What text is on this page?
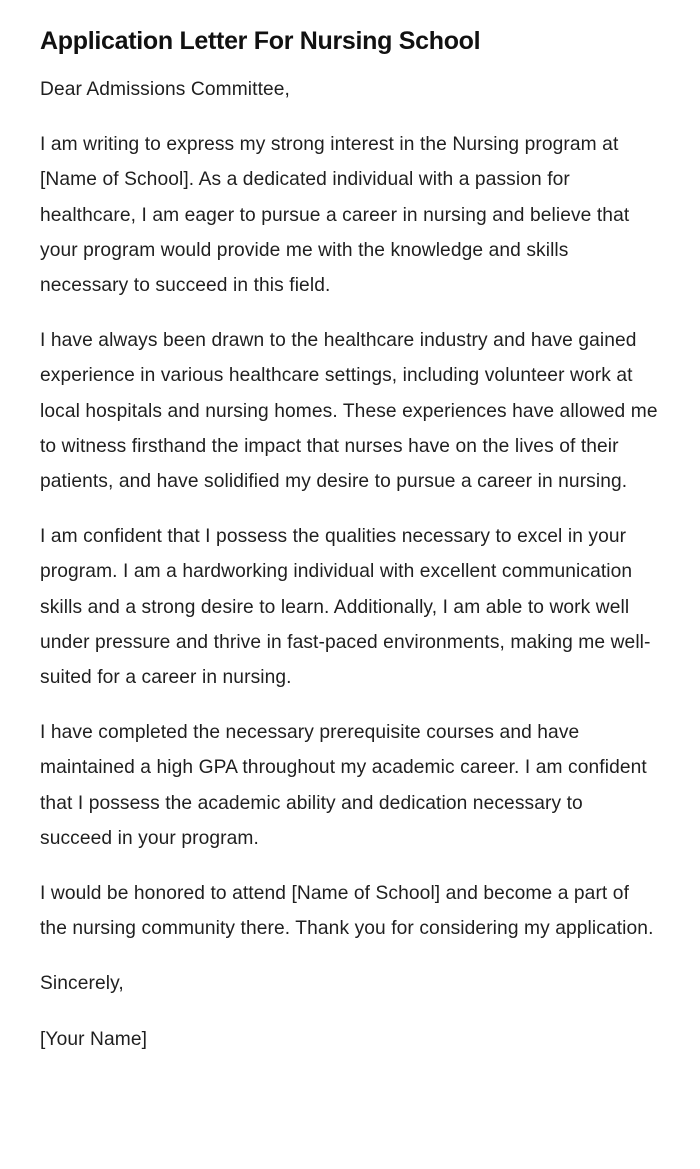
Application Letter For Nursing School

Dear Admissions Committee,

I am writing to express my strong interest in the Nursing program at [Name of School]. As a dedicated individual with a passion for healthcare, I am eager to pursue a career in nursing and believe that your program would provide me with the knowledge and skills necessary to succeed in this field.

I have always been drawn to the healthcare industry and have gained experience in various healthcare settings, including volunteer work at local hospitals and nursing homes. These experiences have allowed me to witness firsthand the impact that nurses have on the lives of their patients, and have solidified my desire to pursue a career in nursing.

I am confident that I possess the qualities necessary to excel in your program. I am a hardworking individual with excellent communication skills and a strong desire to learn. Additionally, I am able to work well under pressure and thrive in fast-paced environments, making me well-suited for a career in nursing.

I have completed the necessary prerequisite courses and have maintained a high GPA throughout my academic career. I am confident that I possess the academic ability and dedication necessary to succeed in your program.

I would be honored to attend [Name of School] and become a part of the nursing community there. Thank you for considering my application.

Sincerely,

[Your Name]
